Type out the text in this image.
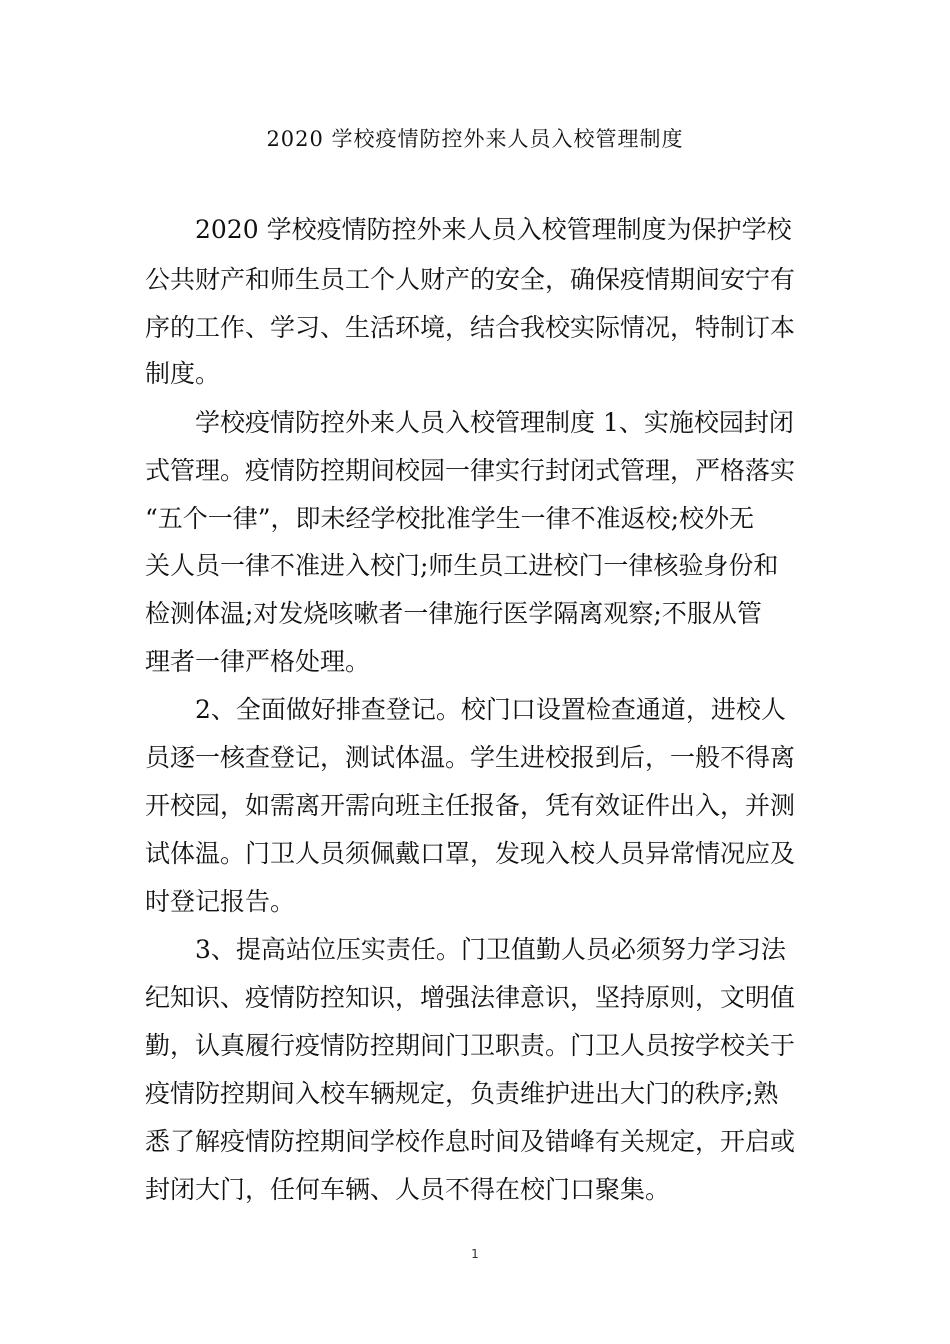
2020 学校疫情防控外来人员入校管理制度
2020 学校疫情防控外来人员入校管理制度为保护学校
公共财产和师生员工个人财产的安全，确保疫情期间安宁有
序的工作、学习、生活环境，结合我校实际情况，特制订本
制度。
学校疫情防控外来人员入校管理制度 1、实施校园封闭
式管理。疫情防控期间校园一律实行封闭式管理，严格落实
“五个一律”，即未经学校批准学生一律不准返校;校外无
关人员一律不准进入校门;师生员工进校门一律核验身份和
检测体温;对发烧咳嗽者一律施行医学隔离观察;不服从管
理者一律严格处理。
2、全面做好排查登记。校门口设置检查通道，进校人
员逐一核查登记，测试体温。学生进校报到后，一般不得离
开校园，如需离开需向班主任报备，凭有效证件出入，并测
试体温。门卫人员须佩戴口罩，发现入校人员异常情况应及
时登记报告。
3、提高站位压实责任。门卫值勤人员必须努力学习法
纪知识、疫情防控知识，增强法律意识，坚持原则，文明值
勤，认真履行疫情防控期间门卫职责。门卫人员按学校关于
疫情防控期间入校车辆规定，负责维护进出大门的秩序;熟
悉了解疫情防控期间学校作息时间及错峰有关规定，开启或
封闭大门，任何车辆、人员不得在校门口聚集。
1
